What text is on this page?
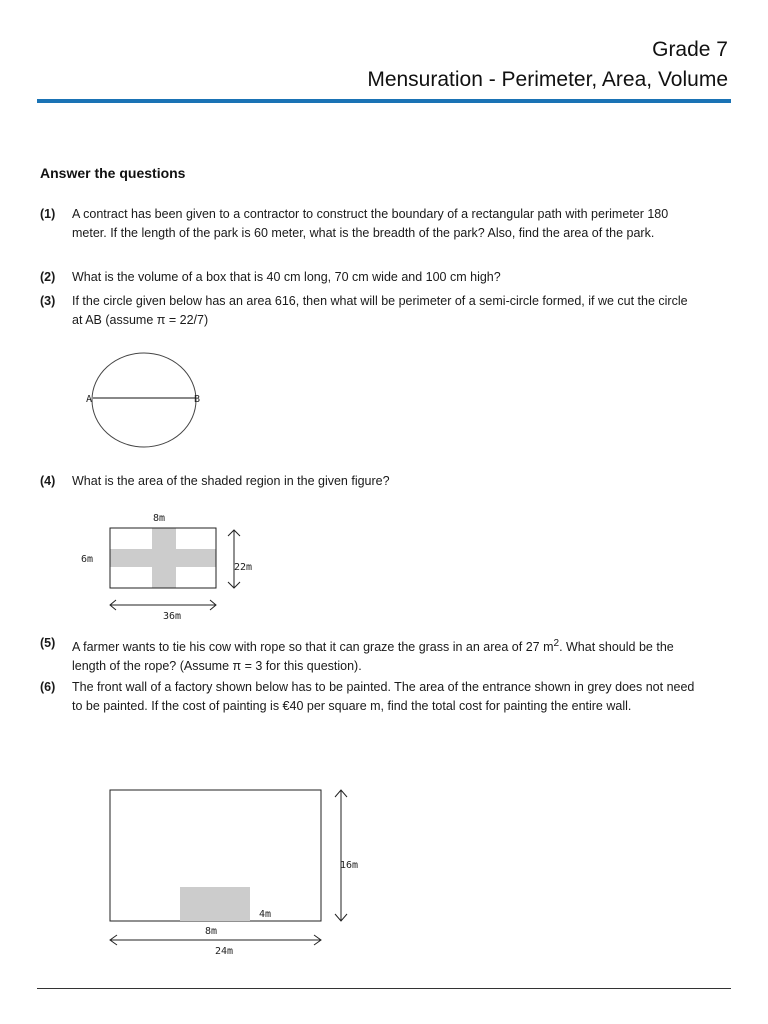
Grade 7
Mensuration - Perimeter, Area, Volume
Answer the questions
(1) A contract has been given to a contractor to construct the boundary of a rectangular path with perimeter 180 meter. If the length of the park is 60 meter, what is the breadth of the park? Also, find the area of the park.
(2) What is the volume of a box that is 40 cm long, 70 cm wide and 100 cm high?
(3) If the circle given below has an area 616, then what will be perimeter of a semi-circle formed, if we cut the circle at AB (assume π = 22/7)
A	B
(4) What is the area of the shaded region in the given figure?
8m
6m
22m
36m
(5) A farmer wants to tie his cow with rope so that it can graze the grass in an area of 27 $m^2$. What should be the length of the rope? (Assume π = 3 for this question).
(6) The front wall of a factory shown below has to be painted. The area of the entrance shown in grey does not need to be painted. If the cost of painting is €40 per square m, find the total cost for painting the entire wall.
16m
4m
8m
24m
